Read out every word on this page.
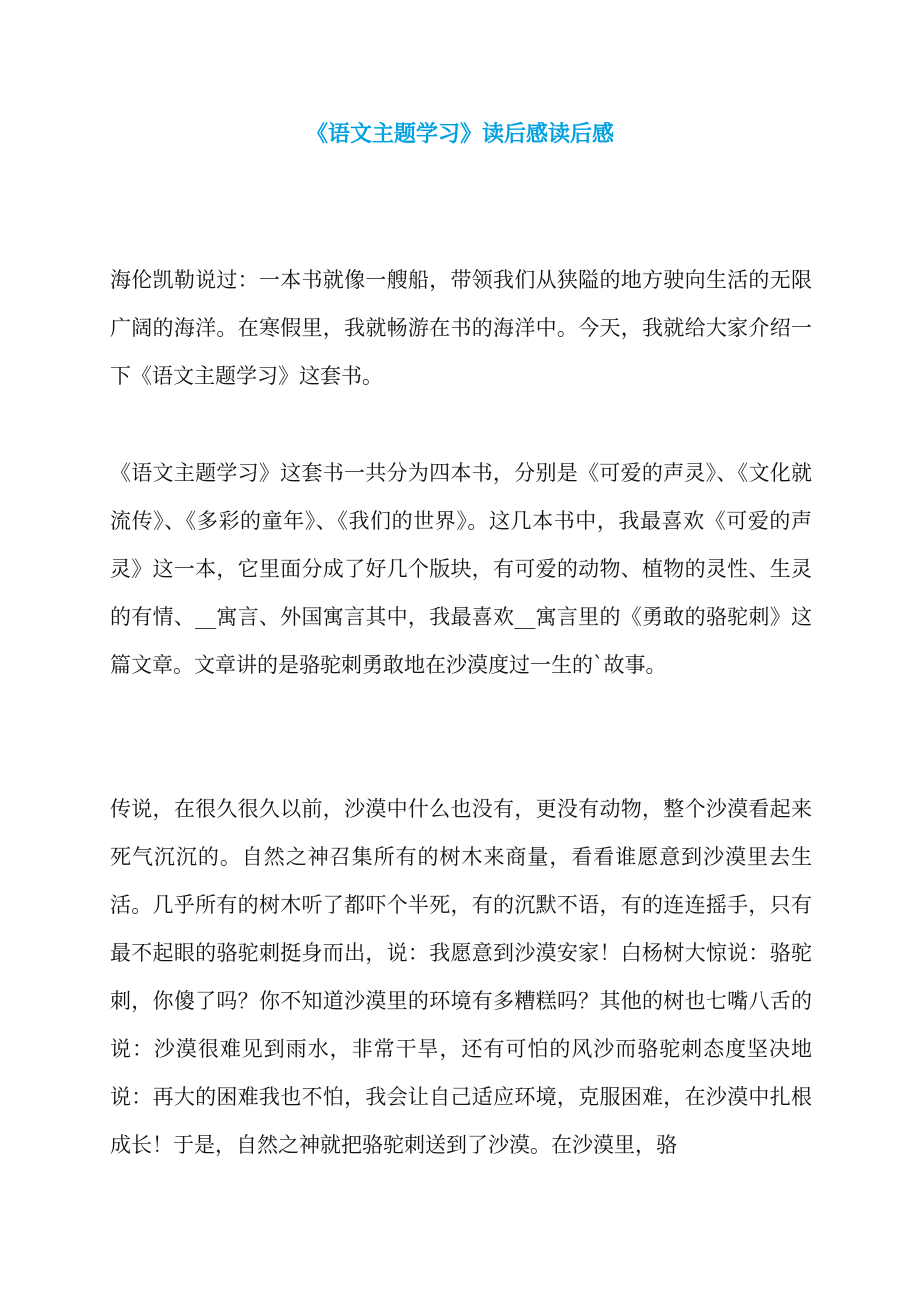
《语文主题学习》读后感读后感

海伦凯勒说过：一本书就像一艘船，带领我们从狭隘的地方驶向生活的无限广阔的海洋。在寒假里，我就畅游在书的海洋中。今天，我就给大家介绍一下《语文主题学习》这套书。

《语文主题学习》这套书一共分为四本书，分别是《可爱的声灵》、《文化就流传》、《多彩的童年》、《我们的世界》。这几本书中，我最喜欢《可爱的声灵》这一本，它里面分成了好几个版块，有可爱的动物、植物的灵性、生灵的有情、__寓言、外国寓言其中，我最喜欢__寓言里的《勇敢的骆驼刺》这篇文章。文章讲的是骆驼刺勇敢地在沙漠度过一生的`故事。

传说，在很久很久以前，沙漠中什么也没有，更没有动物，整个沙漠看起来死气沉沉的。自然之神召集所有的树木来商量，看看谁愿意到沙漠里去生活。几乎所有的树木听了都吓个半死，有的沉默不语，有的连连摇手，只有最不起眼的骆驼刺挺身而出，说：我愿意到沙漠安家！白杨树大惊说：骆驼刺，你傻了吗？你不知道沙漠里的环境有多糟糕吗？其他的树也七嘴八舌的说：沙漠很难见到雨水，非常干旱，还有可怕的风沙而骆驼刺态度坚决地说：再大的困难我也不怕，我会让自己适应环境，克服困难，在沙漠中扎根成长！于是，自然之神就把骆驼刺送到了沙漠。在沙漠里，骆
